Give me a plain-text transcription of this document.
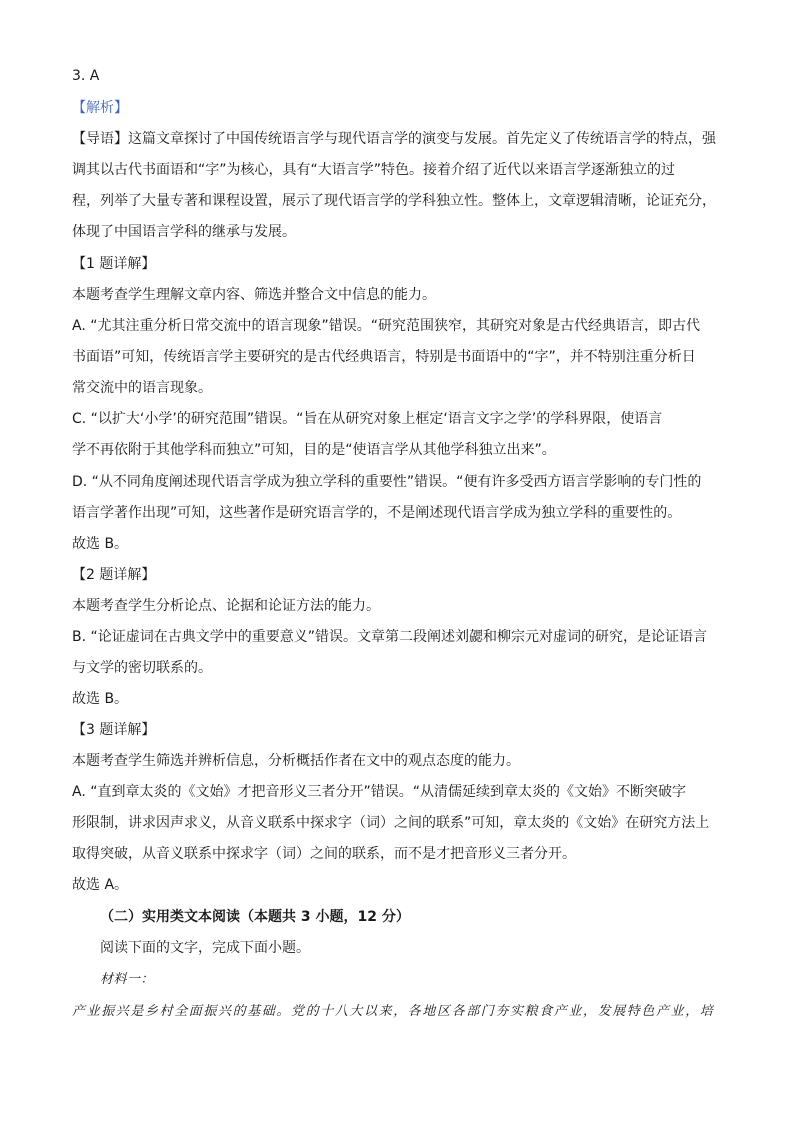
3. A
【解析】
【导语】这篇文章探讨了中国传统语言学与现代语言学的演变与发展。首先定义了传统语言学的特点，强
调其以古代书面语和“字”为核心，具有“大语言学”特色。接着介绍了近代以来语言学逐渐独立的过
程，列举了大量专著和课程设置，展示了现代语言学的学科独立性。整体上，文章逻辑清晰，论证充分，
体现了中国语言学科的继承与发展。
【1 题详解】
本题考查学生理解文章内容、筛选并整合文中信息的能力。
A. “尤其注重分析日常交流中的语言现象”错误。“研究范围狭窄，其研究对象是古代经典语言，即古代
书面语”可知，传统语言学主要研究的是古代经典语言，特别是书面语中的“字”，并不特别注重分析日
常交流中的语言现象。
C. “以扩大‘小学’的研究范围”错误。“旨在从研究对象上框定‘语言文字之学’的学科界限，使语言
学不再依附于其他学科而独立”可知，目的是“使语言学从其他学科独立出来”。
D. “从不同角度阐述现代语言学成为独立学科的重要性”错误。“便有许多受西方语言学影响的专门性的
语言学著作出现”可知，这些著作是研究语言学的，不是阐述现代语言学成为独立学科的重要性的。
故选 B。
【2 题详解】
本题考查学生分析论点、论据和论证方法的能力。
B. “论证虚词在古典文学中的重要意义”错误。文章第二段阐述刘勰和柳宗元对虚词的研究，是论证语言
与文学的密切联系的。
故选 B。
【3 题详解】
本题考查学生筛选并辨析信息，分析概括作者在文中的观点态度的能力。
A. “直到章太炎的《文始》才把音形义三者分开”错误。“从清儒延续到章太炎的《文始》不断突破字
形限制，讲求因声求义，从音义联系中探求字（词）之间的联系”可知，章太炎的《文始》在研究方法上
取得突破，从音义联系中探求字（词）之间的联系，而不是才把音形义三者分开。
故选 A。
（二）实用类文本阅读（本题共 3 小题，12 分）
阅读下面的文字，完成下面小题。
材料一：
产业振兴是乡村全面振兴的基础。党的十八大以来，各地区各部门夯实粮食产业，发展特色产业，培
